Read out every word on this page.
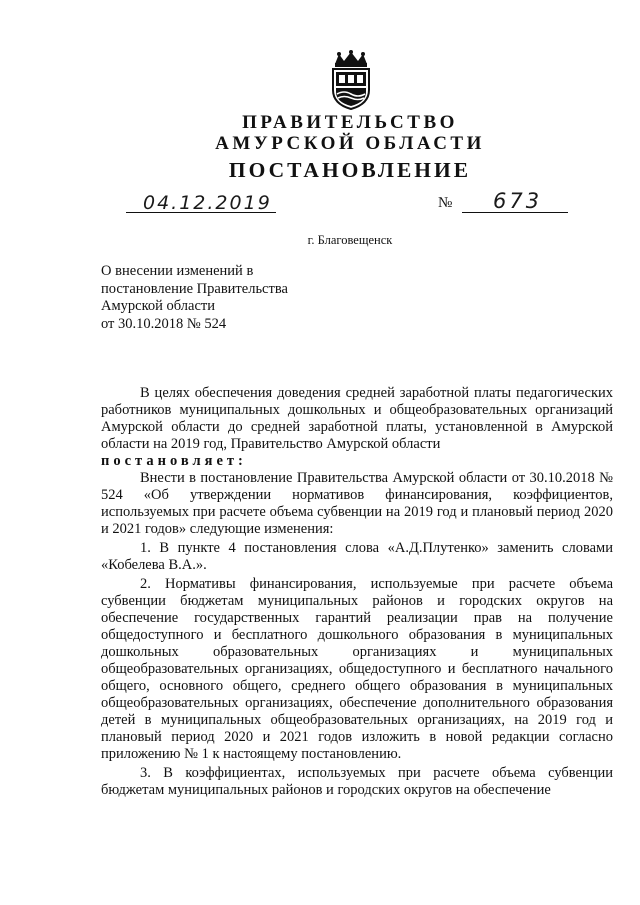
ПРАВИТЕЛЬСТВО
АМУРСКОЙ ОБЛАСТИ
ПОСТАНОВЛЕНИЕ
04.12.2019	№ 673
г. Благовещенск
О внесении изменений в
постановление Правительства
Амурской области
от 30.10.2018 № 524

В целях обеспечения доведения средней заработной платы педагогических работников муниципальных дошкольных и общеобразовательных организаций Амурской области до средней заработной платы, установленной в Амурской области на 2019 год, Правительство Амурской области

постановляет:

Внести в постановление Правительства Амурской области от 30.10.2018 № 524 «Об утверждении нормативов финансирования, коэффициентов, используемых при расчете объема субвенции на 2019 год и плановый период 2020 и 2021 годов» следующие изменения:

1. В пункте 4 постановления слова «А.Д.Плутенко» заменить словами «Кобелева В.А.».

2. Нормативы финансирования, используемые при расчете объема субвенции бюджетам муниципальных районов и городских округов на обеспечение государственных гарантий реализации прав на получение общедоступного и бесплатного дошкольного образования в муниципальных дошкольных образовательных организациях и муниципальных общеобразовательных организациях, общедоступного и бесплатного начального общего, основного общего, среднего общего образования в муниципальных общеобразовательных организациях, обеспечение дополнительного образования детей в муниципальных общеобразовательных организациях, на 2019 год и плановый период 2020 и 2021 годов изложить в новой редакции согласно приложению № 1 к настоящему постановлению.

3. В коэффициентах, используемых при расчете объема субвенции бюджетам муниципальных районов и городских округов на обеспечение
